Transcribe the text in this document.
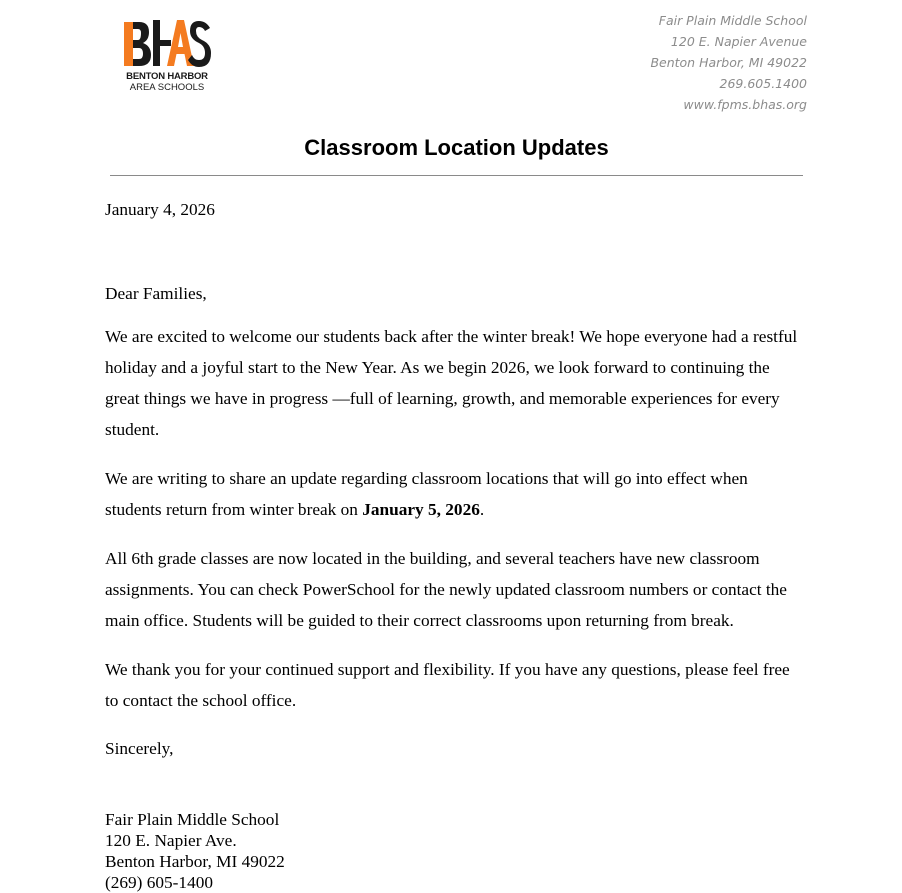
BENTON HARBOR
AREA SCHOOLS
Fair Plain Middle School
120 E. Napier Avenue
Benton Harbor, MI 49022
269.605.1400
www.fpms.bhas.org
Classroom Location Updates
January 4, 2026
Dear Families,
We are excited to welcome our students back after the winter break! We hope everyone had a restful holiday and a joyful start to the New Year. As we begin 2026, we look forward to continuing the great things we have in progress —full of learning, growth, and memorable experiences for every student.
We are writing to share an update regarding classroom locations that will go into effect when students return from winter break on January 5, 2026.
All 6th grade classes are now located in the building, and several teachers have new classroom assignments. You can check PowerSchool for the newly updated classroom numbers or contact the main office. Students will be guided to their correct classrooms upon returning from break.
We thank you for your continued support and flexibility. If you have any questions, please feel free to contact the school office.
Sincerely,
Fair Plain Middle School
120 E. Napier Ave.
Benton Harbor, MI 49022
(269) 605-1400
